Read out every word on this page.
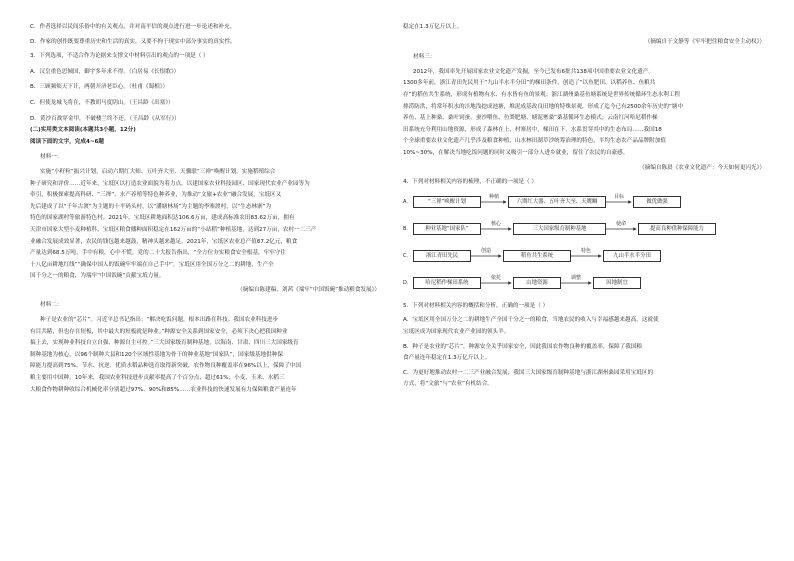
C．作者选择以民间乐俗中的有关观点，并对南平信的观点进行进一步论述和补充。

D．作家的创作既要尊重历史和生活的真实，又要不拘于现实中部分事实的真实性。

3．下列选项，不适合作为论据来支撑文中材料引出的观点的一项是（ ）

A．汉皇重色思倾国，御宇多年求不得。（白居易《长恨歌》）

B．三顾频烦天下计，两朝开济老臣心。（杜甫《蜀相》）

C．但使龙城飞将在，不教胡马度阴山。（王昌龄《出塞》）

D．黄沙百战穿金甲，不破楼兰终不还。（王昌龄《从军行》）

(二)实用类文本阅读(本题共3小题，12分)

阅读下面的文字，完成4~6题

材料一：

实施“小籽粒”振兴计划，启动六期红大师、五叶齐大至、天骥联“三禅”唤醒计划，实施稻殖综合

种子研究和评价……近年来，宝坻区以打造农业面貌为着力点，以建国家农业科技园区、国家现代农业产业园等为

牵引，积极探索提高科研、“三禅”、水产养殖等特色种养业，为推动“文旅+农业”融合发展，宝坻区又

先后建成了以“千年古渡”为主题的十平码头村，以“潘塘林场”为主题的李寨渡村，以“生态林寨”为

特色的国家湖村等旅游特色村。2021年，宝坻区耕地面积达106.6万亩，建成高标准农田83.62万亩，拥有

天津市国家大型小麦种植科，宝坻区粮食播种面积稳定在162万亩的“小站稻”种植基地，达到27万亩，农村一二三产

业融合发展成效显著，农民的钱包越来越鼓，精神头越来越足。2021年，宝坻区农业总产值87.2亿元，粮食

产量达到68.5万吨。手中有粮，心中不慌。党的二十大报告指出，“全方位夯实粮食安全根基，牢牢守住

十八亿亩耕地红线”“确保中国人的饭碗牢牢端在自己手中”。宝坻区用全国万分之二的耕地，生产全

国千分之一的粮食，为端牢“中国饭碗”贡献宝坻力量。

（摘编自陈建稿、刘茜《端牢“中国饭碗”推动粮食发展》）

材料二：

种子是农业的“芯片”。习近平总书记指出：“解决吃饭问题，根本出路在科技。我国农业科技进步

有目共睹，但也存在短板，其中最大的短板就是种业。”种源安全关系到国家安全，必须下决心把我国种业

搞上去，实现种业科技自立自强、种源自主可控。”三大国家级育制种基地，以海南、甘肃、四川三大国家级育

制种基地为核心，以96个制种大县和120个区域性基地为骨干的种业基地“国家队”，国家级基地供种保

障能力提高到75%。节水、抗逆、优质水稻品种选育取得新突破，农作物良种覆盖率在96%以上，保障了中国

粮主要用中国种。10年来，我国农业科技进步贡献率提高了个百分点，超过61%；小麦、玉米、水稻三

大粮食作物耕种收综合机械化率分别超过97%、90%和85%……农业科技的快速发展有力保障粮食产量连年

稳定在1.3万亿斤以上。

（摘编自于文静等《牢牢把住粮食安全主动权》）

材料三：

2012年，我国率先开展国家农业文化遗产发掘，至今已发布6批共138项中国重要农业文化遗产。

1300多年前，浙江青田先民用于“九山半水半分田”的梯田条件，创造了“以鱼肥田、以稻养鱼、鱼粮共

存”的稻鱼共生系统，形成有植物有水、有水皆有鱼的景观；浙江湖州桑基鱼塘系统是世界传统循环生态水利工程

排涝防洪，将常年积水的洼地浅挖成池塘，堆泥成基改良田地的特殊景观，形成了迄今已有2500余年历史的“塘中

养鱼、基上种桑、桑叶饲蚕、蚕沙喂鱼、鱼粪肥塘、塘泥壅桑”桑基循环生态模式；云南红河哈尼稻作梯

田系统充分利用山地资源，形成了森林在上，村寨居中，梯田在下，水系贯穿其中的生态布局……我国18

个全球重要农业文化遗产几乎涉及粮食种植，山水林田湖草沙统筹治理的特色，平均生态农产品品牌附加值

10%~30%，在解决当地吃饭问题的同时又吸引一部分人进乡就业，留住了农民的自豪感。

（摘编自陈晨《农业文化遗产：今天如何更闪光》）

4．下列对材料相关内容的梳理，不正确的一项是（ ）

A．	“三禅”唤醒计划
种植
六期红大器、五叶齐大至、天鹰鲷
目标
做优做强
B．	种业基地“国家队”
核心
三大国家级育制种基地
使命
提高良种供种保障能力
C．	浙江青田先民
创造
稻鱼共生系统
特色
九山半水半分田
D．	哈尼稻作梯田系统
依托
山地资源
调整
因地制宜

5．下列对材料相关内容的概括和分析，正确的一项是（ ）

A．宝坻区用全国万分之二的耕地生产全国千分之一的粮食，当地农民的收入与幸福感越来越高，这就使

宝坻区成为国家现代农业产业园的领头羊。

B．种子是农业的“芯片”，种源安全关乎国家安全，因此我国农作物良种的覆盖率，保障了我国粮

食产量连年稳定在1.3万亿斤以上。

C．为更好地推动农村一二三产业融合发展，我国三大国家级育制种基地与浙江湖州桑园采用宝坻区的

方式，将“文旅”与“农业”有机结合。
